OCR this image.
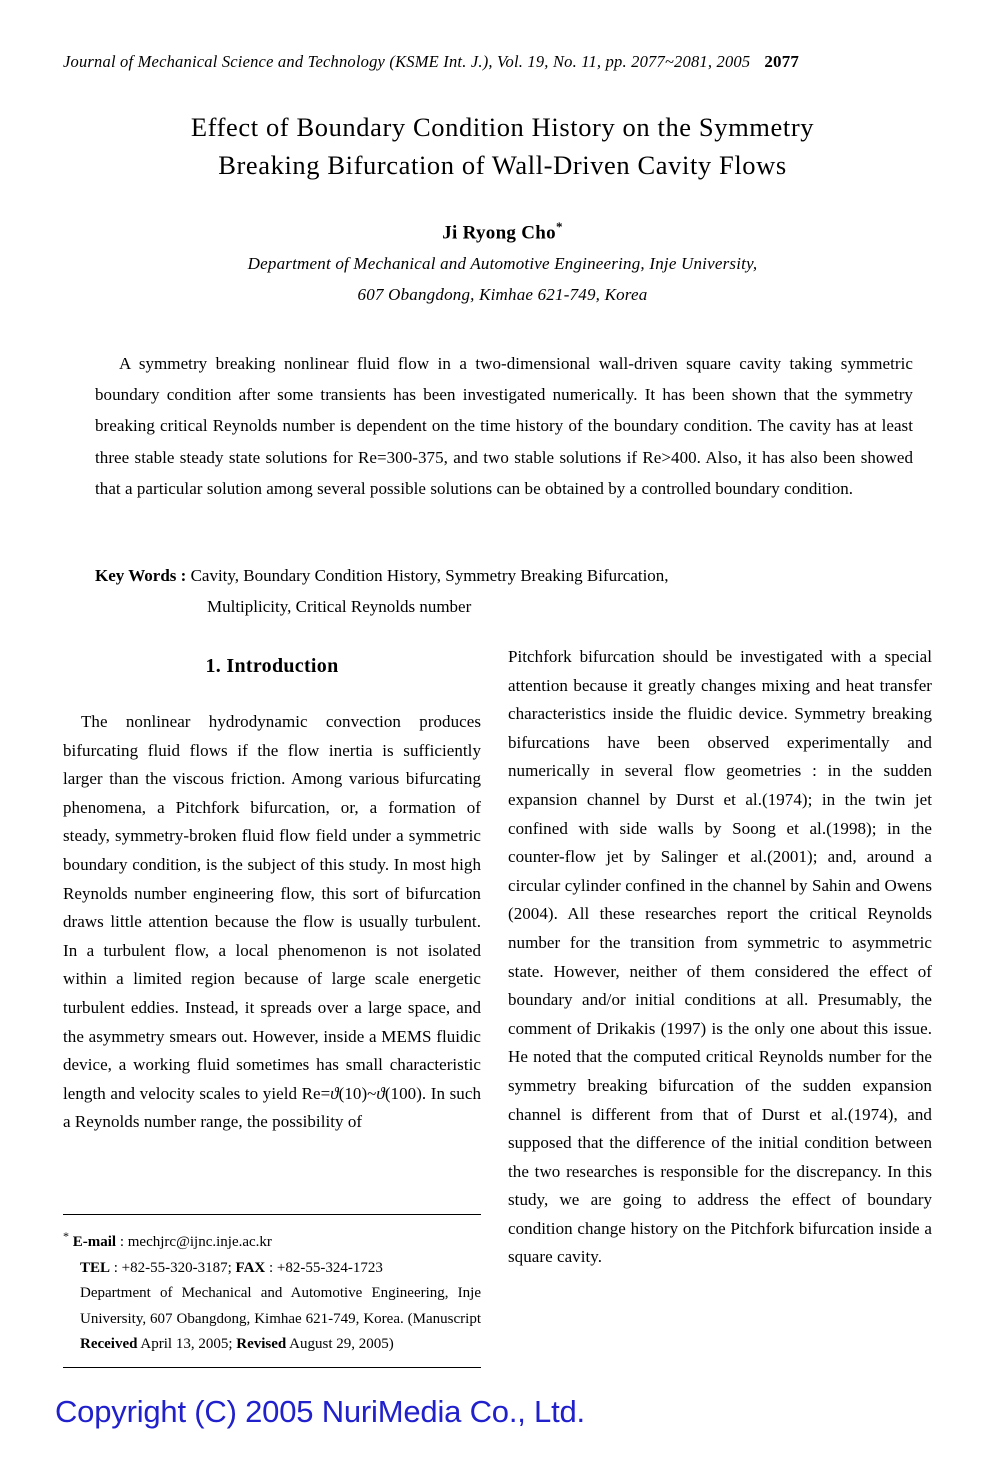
Journal of Mechanical Science and Technology (KSME Int. J.), Vol. 19, No. 11, pp. 2077~2081, 2005 2077
Effect of Boundary Condition History on the Symmetry
Breaking Bifurcation of Wall-Driven Cavity Flows
Ji Ryong Cho*
Department of Mechanical and Automotive Engineering, Inje University,
607 Obangdong, Kimhae 621-749, Korea
A symmetry breaking nonlinear fluid flow in a two-dimensional wall-driven square cavity taking symmetric boundary condition after some transients has been investigated numerically. It has been shown that the symmetry breaking critical Reynolds number is dependent on the time history of the boundary condition. The cavity has at least three stable steady state solutions for Re=300-375, and two stable solutions if Re>400. Also, it has also been showed that a particular solution among several possible solutions can be obtained by a controlled boundary condition.
Key Words : Cavity, Boundary Condition History, Symmetry Breaking Bifurcation,
Multiplicity, Critical Reynolds number
1. Introduction

The nonlinear hydrodynamic convection produces bifurcating fluid flows if the flow inertia is sufficiently larger than the viscous friction. Among various bifurcating phenomena, a Pitchfork bifurcation, or, a formation of steady, symmetry-broken fluid flow field under a symmetric boundary condition, is the subject of this study. In most high Reynolds number engineering flow, this sort of bifurcation draws little attention because the flow is usually turbulent. In a turbulent flow, a local phenomenon is not isolated within a limited region because of large scale energetic turbulent eddies. Instead, it spreads over a large space, and the asymmetry smears out. However, inside a MEMS fluidic device, a working fluid sometimes has small characteristic length and velocity scales to yield Re=ϑ(10)~ϑ(100). In such a Reynolds number range, the possibility of

Pitchfork bifurcation should be investigated with a special attention because it greatly changes mixing and heat transfer characteristics inside the fluidic device. Symmetry breaking bifurcations have been observed experimentally and numerically in several flow geometries : in the sudden expansion channel by Durst et al.(1974); in the twin jet confined with side walls by Soong et al.(1998); in the counter-flow jet by Salinger et al.(2001); and, around a circular cylinder confined in the channel by Sahin and Owens (2004). All these researches report the critical Reynolds number for the transition from symmetric to asymmetric state. However, neither of them considered the effect of boundary and/or initial conditions at all. Presumably, the comment of Drikakis (1997) is the only one about this issue. He noted that the computed critical Reynolds number for the symmetry breaking bifurcation of the sudden expansion channel is different from that of Durst et al.(1974), and supposed that the difference of the initial condition between the two researches is responsible for the discrepancy. In this study, we are going to address the effect of boundary condition change history on the Pitchfork bifurcation inside a square cavity.

* E-mail : mechjrc@ijnc.inje.ac.kr
TEL : +82-55-320-3187; FAX : +82-55-324-1723
Department of Mechanical and Automotive Engineering, Inje University, 607 Obangdong, Kimhae 621-749, Korea. (Manuscript Received April 13, 2005; Revised August 29, 2005)
Copyright (C) 2005 NuriMedia Co., Ltd.
